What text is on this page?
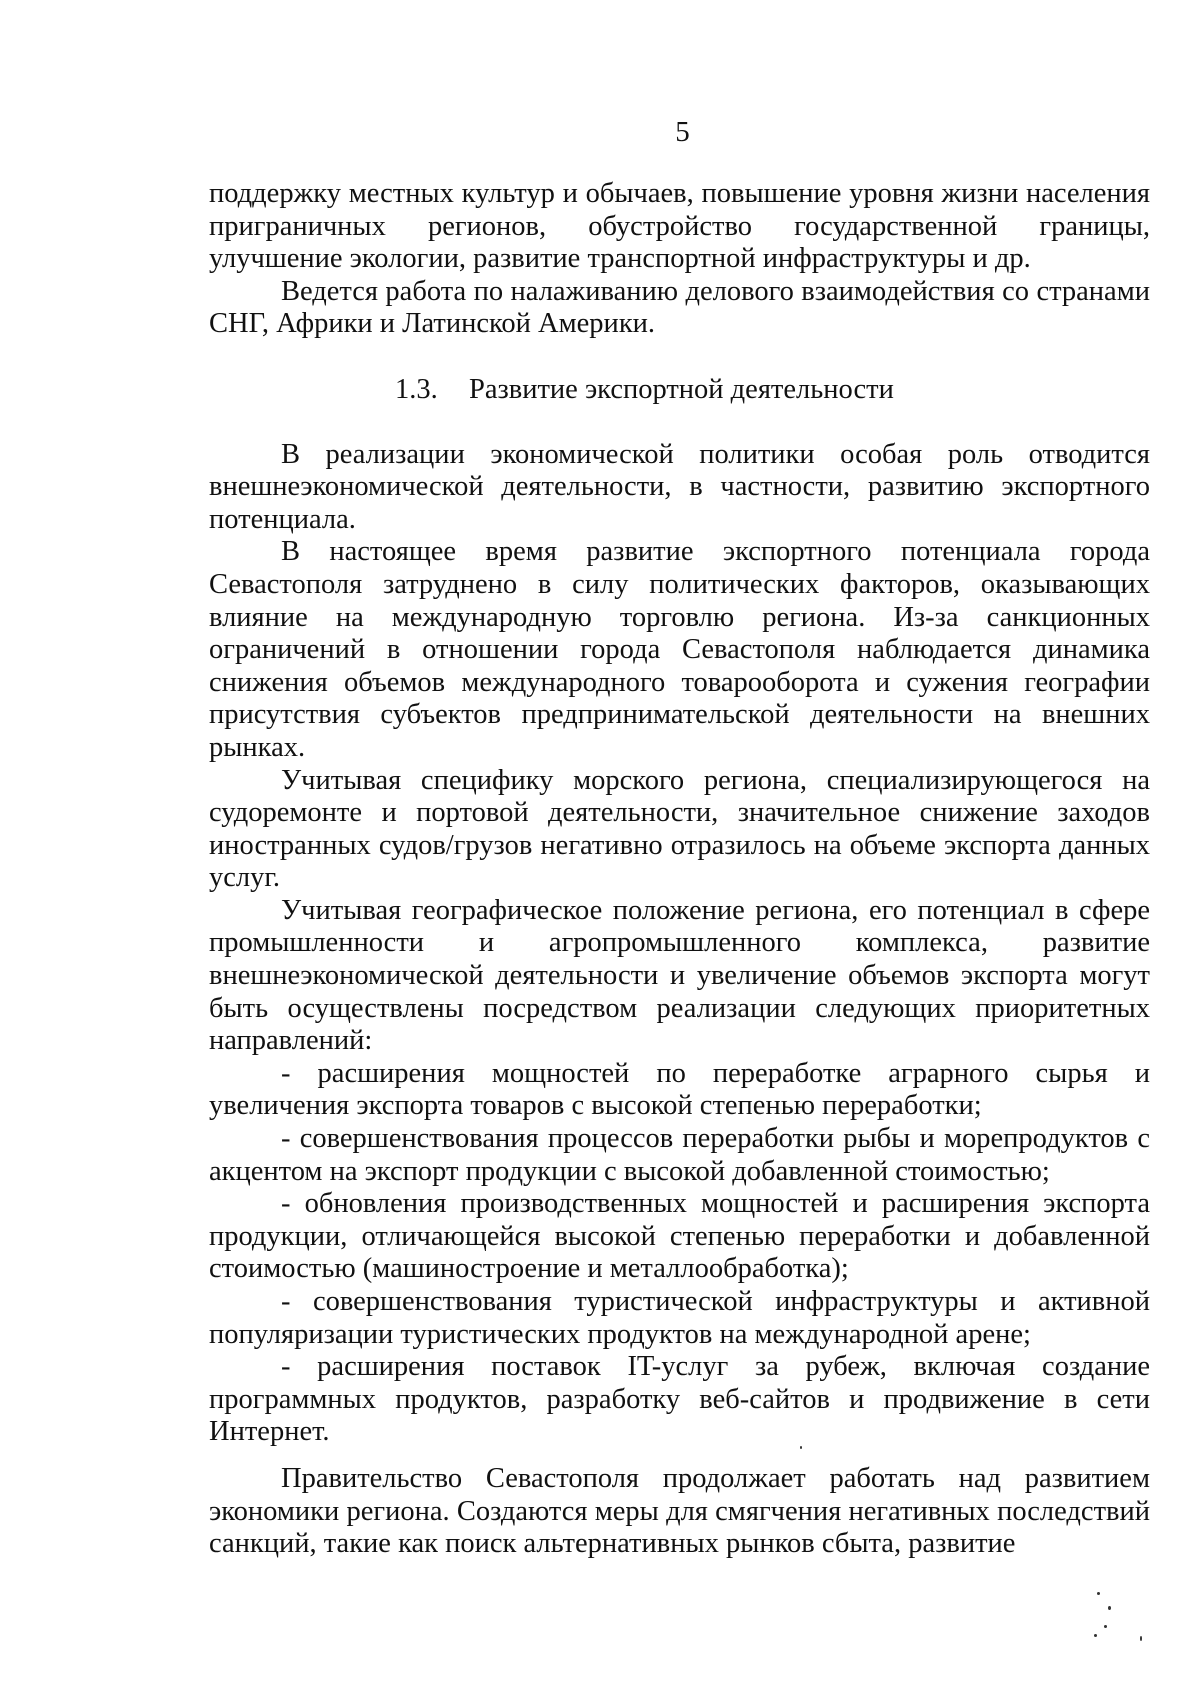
5

поддержку местных культур и обычаев, повышение уровня жизни населения приграничных регионов, обустройство государственной границы, улучшение экологии, развитие транспортной инфраструктуры и др.

Ведется работа по налаживанию делового взаимодействия со странами СНГ, Африки и Латинской Америки.

1.3. Развитие экспортной деятельности

В реализации экономической политики особая роль отводится внешнеэкономической деятельности, в частности, развитию экспортного потенциала.

В настоящее время развитие экспортного потенциала города Севастополя затруднено в силу политических факторов, оказывающих влияние на международную торговлю региона. Из-за санкционных ограничений в отношении города Севастополя наблюдается динамика снижения объемов международного товарооборота и сужения географии присутствия субъектов предпринимательской деятельности на внешних рынках.

Учитывая специфику морского региона, специализирующегося на судоремонте и портовой деятельности, значительное снижение заходов иностранных судов/грузов негативно отразилось на объеме экспорта данных услуг.

Учитывая географическое положение региона, его потенциал в сфере промышленности и агропромышленного комплекса, развитие внешнеэкономической деятельности и увеличение объемов экспорта могут быть осуществлены посредством реализации следующих приоритетных направлений:

- расширения мощностей по переработке аграрного сырья и увеличения экспорта товаров с высокой степенью переработки;

- совершенствования процессов переработки рыбы и морепродуктов с акцентом на экспорт продукции с высокой добавленной стоимостью;

- обновления производственных мощностей и расширения экспорта продукции, отличающейся высокой степенью переработки и добавленной стоимостью (машиностроение и металлообработка);

- совершенствования туристической инфраструктуры и активной популяризации туристических продуктов на международной арене;

- расширения поставок IT-услуг за рубеж, включая создание программных продуктов, разработку веб-сайтов и продвижение в сети Интернет.

Правительство Севастополя продолжает работать над развитием экономики региона. Создаются меры для смягчения негативных последствий санкций, такие как поиск альтернативных рынков сбыта, развитие
